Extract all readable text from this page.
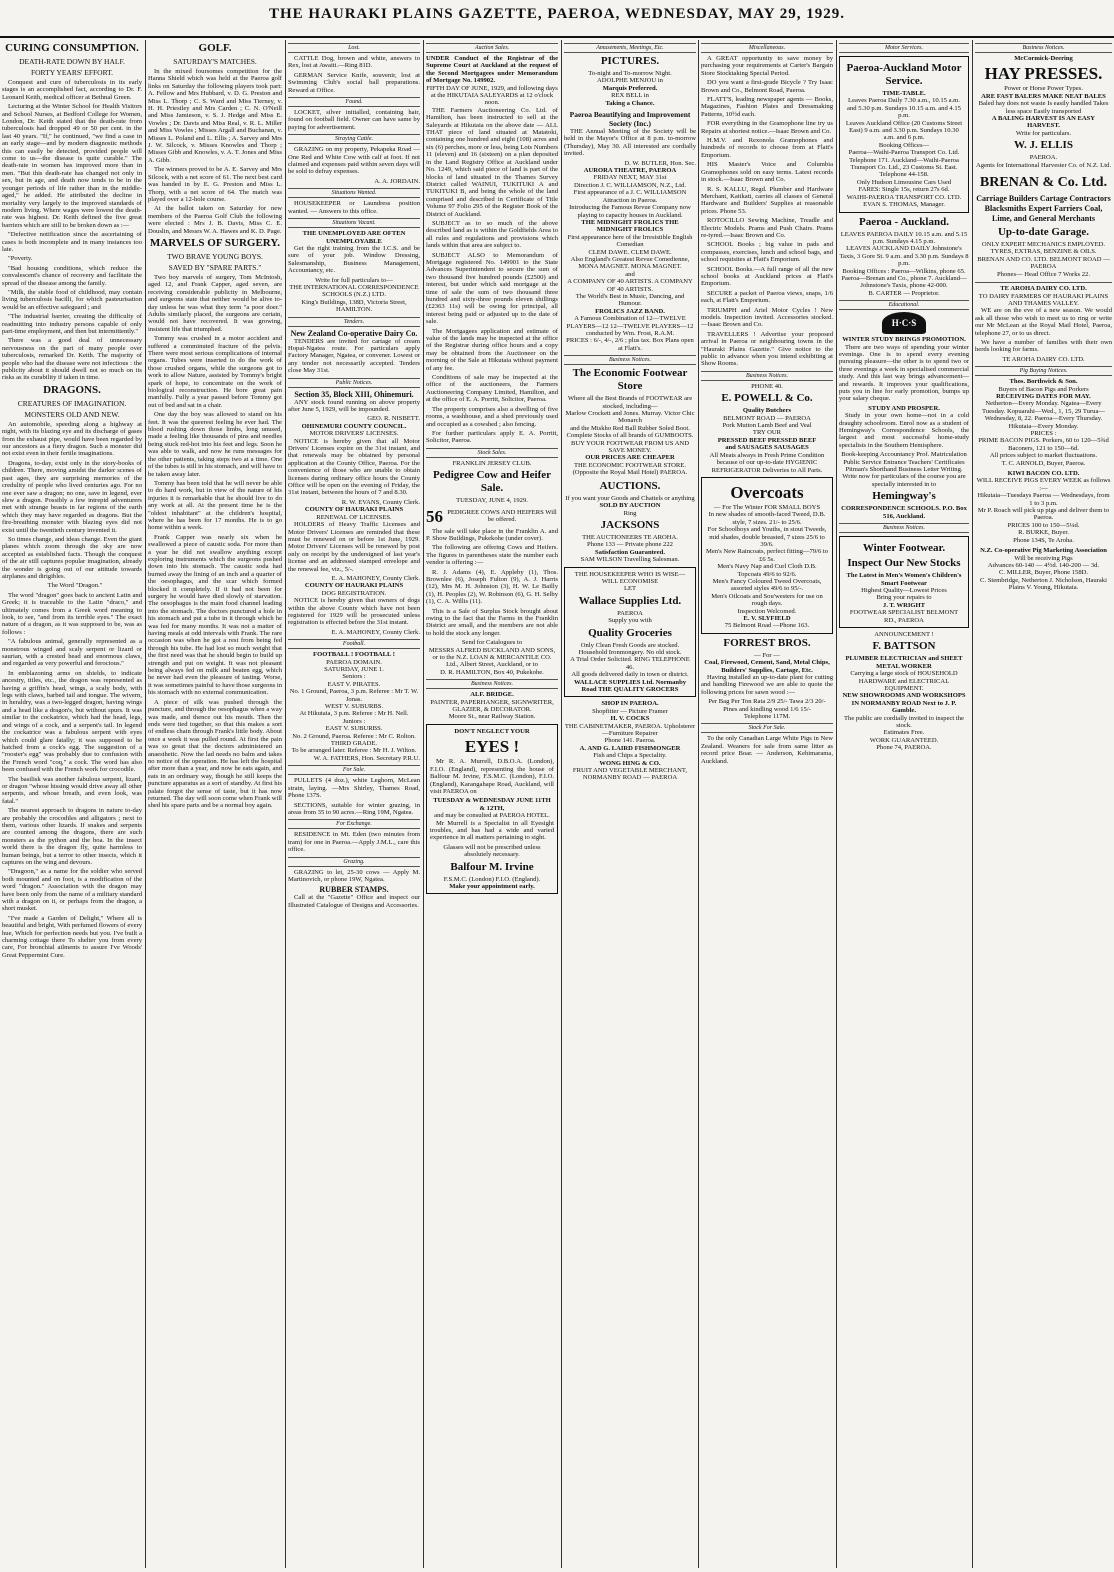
THE HAURAKI PLAINS GAZETTE, PAEROA, WEDNESDAY, MAY 29, 1929.
CURING CONSUMPTION.
DEATH-RATE DOWN BY HALF.
FORTY YEARS' EFFORT.

Conquest and cure of tuberculosis in its early stages is an accomplished fact, according to Dr. F. Leonard Keith, medical officer at Bethnal Green.

Lecturing at the Winter School for Health Visitors and School Nurses, at Bedford College for Women, London, Dr. Keith stated that the death-rate from tuberculosis had dropped 49 or 50 per cent. in the last 40 years. "If," he continued, "we find a case in an early stage—and by modern diagnostic methods this can easily be detected, provided people will come to us—the disease is quite curable." The death-rate in women has improved more than in men. "But this death-rate has changed not only in sex, but in age, and death now tends to be in the younger periods of life rather than in the middle-aged," he added. He attributed the decline in mortality very largely to the improved standards of modern living. Where wages were lowest the death-rate was highest. Dr. Keith defined the five great barriers which are still to be broken down as :—

"Defective notification since the ascertaining of cases is both incomplete and in many instances too late.

"Poverty.

"Bad housing conditions, which reduce the convalescent's chance of recovery and facilitate the spread of the disease among the family.

"Milk, the stable food of childhood, may contain living tuberculosis bacilli, for which pasteurisation would be an effective safeguard ; and

"The industrial barrier, creating the difficulty of readmitting into industry persons capable of only part-time employment, and then but intermittently."

There was a good deal of unnecessary nervousness on the part of many people over tuberculosis, remarked Dr. Keith. The majority of people who had the disease were not infectious : the publicity about it should dwell not so much on its risks as its curability if taken in time.

DRAGONS.
CREATURES OF IMAGINATION.
MONSTERS OLD AND NEW.

An automobile, speeding along a highway at night, with its blazing eye and its discharge of gases from the exhaust pipe, would have been regarded by our ancestors as a fiery dragon. Such a monster did not exist even in their fertile imaginations.

Dragons, to-day, exist only in the story-books of children. There, moving amidst the darker scenes of past ages, they are surprising memories of the credulity of people who lived centuries ago. For no one ever saw a dragon; no one, save in legend, ever slew a dragon. Possibly a few intrepid adventurers met with strange beasts in far regions of the earth which they may have regarded as dragons. But the fire-breathing monster with blazing eyes did not exist until the twentieth century invented it.

So times change, and ideas change. Even the giant planes which zoom through the sky are now accepted as established facts. Though the conquest of the air still captures popular imagination, already the wonder is going out of our attitude towards airplanes and dirigibles.

The Word "Dragon."

The word "dragon" goes back to ancient Latin and Greek; it is traceable to the Latin "draco," and ultimately comes from a Greek word meaning to look, to see, "and from its terrible eyes." The exact nature of a dragon, as it was supposed to be, was as follows :

"A fabulous animal, generally represented as a monstrous winged and scaly serpent or lizard or saurian, with a crested head and enormous claws, and regarded as very powerful and ferocious."

In emblazoning arms on shields, to indicate ancestry, titles, etc., the dragon was represented as having a griffin's head, wings, a scaly body, with legs with claws, barbed tail and tongue. The wivern, in heraldry, was a two-legged dragon, having wings and a head like a dragon's, but without spurs. It was similar to the cockatrice, which had the head, legs, and wings of a cock, and a serpent's tail. In legend the cockatrice was a fabulous serpent with eyes which could glare fatally; it was supposed to be hatched from a cock's egg. The suggestion of a "rooster's egg" was probably due to confusion with the French word "coq," a cock. The word has also been confused with the French work for crocodile.

The basilisk was another fabulous serpent, lizard, or dragon "whose hissing would drive away all other serpents, and whose breath, and even look, was fatal."

The nearest approach to dragons in nature to-day are probably the crocodiles and alligators ; next to them, various other lizards. If snakes and serpents are counted among the dragons, there are such monsters as the python and the boa. In the insect world there is the dragon fly, quite harmless to human beings, but a terror to other insects, which it captures on the wing and devours.

"Dragoon," as a name for the soldier who served both mounted and on foot, is a modification of the word "dragon." Association with the dragon may have been only from the name of a military standard with a dragon on it, or perhaps from the dragon, a short musket.

"I've made a Garden of Delight," Where all is beautiful and bright, With perfumed flowers of every hue, Which for perfection needs but you. I've built a charming cottage there To shelter you from every care, For bronchial ailments to assure I've Woods' Great Peppermint Cure.

GOLF.
SATURDAY'S MATCHES.

In the mixed foursomes competition for the Hanna Shield which was held at the Paeroa golf links on Saturday the following players took part: A. Fellow and Mrs Hubbard, v. D. G. Preston and Miss L. Thorp ; C. S. Ward and Miss Tierney, v. H. H. Priestley and Mrs Carden ; C. N. O'Neill and Miss Jamieson, v. S. J. Hedge and Miss E. Vowles ; Dr. Davis and Miss Real, v. R. L. Miller and Miss Vowles ; Misses Argall and Buchanan, v. Misses L. Poland and L. Ellis ; A. Sarvey and Mrs J. W. Silcock, v. Misses Knowles and Thorp ; Misses Gibb and Knowles, v. A. T. Jones and Miss A. Gibb.

The winners proved to be A. E. Sarvey and Mrs Silcock, with a net score of 61. The next best card was handed in by E. G. Preston and Miss L. Thorp, with a net score of 64. The match was played over a 12-hole course.

At the ballot taken on Saturday for new members of the Paeroa Golf Club the following were elected : Mrs J. B. Davis, Miss C. E. Douslin, and Messrs W. A. Hawes and K. D. Page.

MARVELS OF SURGERY.
TWO BRAVE YOUNG BOYS.
SAVED BY "SPARE PARTS."

Two boy marvels of surgery, Tom McIntosh, aged 12, and Frank Capper, aged seven, are receiving considerable publicity in Melbourne, and surgeons state that neither would be alive to-day unless he was what they term "a poor doer." Adults similarly placed, the surgeons are certain, would not have recovered. It was growing, insistent life that triumphed.

Tommy was crushed in a motor accident and suffered a comminuted fracture of the pelvis. There were most serious complications of internal organs. Tubes were inserted to do the work of those crushed organs, while the surgeons got to work to allow Nature, assisted by Tommy's bright spark of hope, to concentrate on the work of biological reconstruction. He bore great pain manfully. Fully a year passed before Tommy got out of bed and sat in a chair.

One day the boy was allowed to stand on his feet. It was the queerest feeling he ever had. The blood rushing down those limbs, long unused, made a feeling like thousands of pins and needles being stuck red-hot into his feet and legs. Soon he was able to walk, and now he runs messages for the other patients, taking steps two at a time. One of the tubes is still in his stomach, and will have to be taken away later.

Tommy has been told that he will never be able to do hard work, but in view of the nature of his injuries it is remarkable that he should live to do any work at all. At the present time he is the "oldest inhabitant" at the children's hospital, where he has been for 17 months. He is to go home within a week.

Frank Capper was nearly six when he swallowed a piece of caustic soda. For more than a year he did not swallow anything except exploring instruments which the surgeons pushed down into his stomach. The caustic soda had burned away the lining of an inch and a quarter of the oesophagus, and the scar which formed blocked it completely. If it had not been for surgery he would have died slowly of starvation. The oesophagus is the main food channel leading into the stomach. The doctors punctured a hole in his stomach and put a tube in it through which he was fed for many months. It was not a matter of having meals at odd intervals with Frank. The rare occasion was when he got a rest from being fed through his tube. He had lost so much weight that the first need was that he should begin to build up strength and put on weight. It was not pleasant being always fed on milk and beaten egg, which he never had even the pleasure of tasting. Worse, it was sometimes painful to have those surgeons in his stomach with no external communication.

A piece of silk was pushed through the puncture, and through the oesophagus when a way was made, and thence out his mouth. Then the ends were tied together, so that this makes a sort of endless chain through Frank's little body. About once a week it was pulled round. At first the pain was so great that the doctors administered an anaesthetic. Now the lad needs no balm and takes no notice of the operation. He has left the hospital after more than a year, and now he eats again, and eats in an ordinary way, though he still keeps the puncture apparatus as a sort of standby. At first his palate forgot the sense of taste, but it has now returned. The day will soon come when Frank will shed his spare parts and be a normal boy again.

Lost.

CATTLE Dog, brown and white, answers to Rex, lost at Awaiti.—Ring 81D.

GERMAN Service Knife, souvenir, lost at Swimming Club's social ball preparations. Reward at Office.

Found.

LOCKET, silver initialled, containing hair, found on football field. Owner can have same by paying for advertisement.

Straying Cattle.

GRAZING on my property, Pekapeka Road — One Red and White Cow with calf at foot. If not claimed and expenses paid within seven days will be sold to defray expenses.

A. A. JORDAIN.
Situations Wanted.

HOUSEKEEPER or Laundress position wanted. — Answers to this office.

Situations Vacant.
THE UNEMPLOYED ARE OFTEN UNEMPLOYABLE

Get the right training from the I.C.S. and be sure of your job. Window Dressing, Salesmanship, Business Management, Accountancy, etc.

Write for full particulars to—
THE INTERNATIONAL CORRESPONDENCE SCHOOLS (N.Z.) LTD.
King's Buildings, 138D, Victoria Street, HAMILTON.
Tenders.
New Zealand Co-operative Dairy Co.

TENDERS are invited for cartage of cream Hopai-Ngatea route. For particulars apply Factory Manager, Ngatea, or convener. Lowest or any tender not necessarily accepted. Tenders close May 31st.

Public Notices.
Section 35, Block XIII, Ohinemuri.

ANY stock found running on above property after June 5, 1929, will be impounded.

GEO. R. NISBETT.
OHINEMURI COUNTY COUNCIL.
MOTOR DRIVERS' LICENSES.

NOTICE is hereby given that all Motor Drivers' Licenses expire on the 31st instant, and that renewals may be obtained by personal application at the County Office, Paeroa. For the convenience of those who are unable to obtain licenses during ordinary office hours the County Office will be open on the evening of Friday, the 31st instant, between the hours of 7 and 8.30.

R. W. EVANS, County Clerk.
COUNTY OF HAURAKI PLAINS
RENEWAL OF LICENSES.

HOLDERS of Heavy Traffic Licenses and Motor Drivers' Licenses are reminded that these must be renewed on or before 1st June, 1929. Motor Drivers' Licenses will be renewed by post only on receipt by the undersigned of last year's license and an addressed stamped envelope and the renewal fee, viz., 5/-.

E. A. MAHONEY, County Clerk.
COUNTY OF HAURAKI PLAINS
DOG REGISTRATION.

NOTICE is hereby given that owners of dogs within the above County which have not been registered for 1929 will be prosecuted unless registration is effected before the 31st instant.

E. A. MAHONEY, County Clerk.
Football.
FOOTBALL ! FOOTBALL !
PAEROA DOMAIN.
SATURDAY, JUNE 1.
Seniors :
EAST V. PIRATES.
No. 1 Ground, Paeroa, 3 p.m. Referee : Mr T. W. Jonas.
WEST V. SUBURBS.
At Hikutaia, 3 p.m. Referee : Mr H. Nell.
Juniors :
EAST V. SUBURBS.
No. 2 Ground, Paeroa. Referee : Mr C. Rolton.
THIRD GRADE.
To be arranged later. Referee : Mr H. J. Wilton.
W. A. FATHERS, Hon. Secretary P.R.U.
For Sale.

PULLETS (4 doz.), white Leghorn, McLean strain, laying. —Mrs Shirley, Thames Road, Phone 137S.

SECTIONS, suitable for winter grazing, in areas from 35 to 90 acres.—Ring 19M, Ngatea.

For Exchange.

RESIDENCE in Mt. Eden (two minutes from tram) for one in Paeroa.—Apply J.M.L., care this office.

Grazing.

GRAZING to let, 25-30 cows — Apply M. Martinovich, or phone 19W, Ngatea.

RUBBER STAMPS.

Call at the "Gazette" Office and inspect our Illustrated Catalogue of Designs and Accessories.

Auction Sales.
UNDER Conduct of the Registrar of the Supreme Court at Auckland at the request of the Second Mortgagees under Memorandum of Mortgage No. 149902.
FIFTH DAY OF JUNE, 1929, and following days at the HIKUTAIA SALEYARDS at 12 o'clock noon.

THE Farmers Auctioneering Co. Ltd. of Hamilton, has been instructed to sell at the Saleyards at Hikutaia on the above date — ALL THAT piece of land situated at Matatoki, containing one hundred and eight (108) acres and six (6) perches, more or less, being Lots Numbers 11 (eleven) and 16 (sixteen) on a plan deposited in the Land Registry Office at Auckland under No. 1249, which said piece of land is part of the blocks of land situated in the Thames Survey District called WAINUI, TUKITUKI A and TUKITUKI B, and being the whole of the land comprised and described in Certificate of Title Volume 97 Folio 295 of the Register Book of the District of Auckland.

SUBJECT as to so much of the above described land as is within the Goldfields Area to all rules and regulations and provisions which lands within that area are subject to.

SUBJECT ALSO to Memorandum of Mortgage registered No. 149901 to the State Advances Superintendent to secure the sum of two thousand five hundred pounds (£2500) and interest, but under which said mortgage at the time of sale the sum of two thousand three hundred and sixty-three pounds eleven shillings (£2363 11s) will be owing for principal, all interest being paid or adjusted up to the date of sale.

The Mortgagees application and estimate of value of the lands may be inspected at the office of the Registrar during office hours and a copy may be obtained from the Auctioneer on the morning of the Sale at Hikutaia without payment of any fee.

Conditions of sale may be inspected at the office of the auctioneers, the Farmers Auctioneering Company Limited, Hamilton, and at the office of E. A. Porritt, Solicitor, Paeroa.

The property comprises also a dwelling of five rooms, a washhouse, and a shed previously used and occupied as a cowshed ; also fencing.

For further particulars apply E. A. Porritt, Solicitor, Paeroa.

Stock Sales.
FRANKLIN JERSEY CLUB.
Pedigree Cow and Heifer Sale.
TUESDAY, JUNE 4, 1929.
56 PEDIGREE COWS AND HEIFERS Will be offered.

The sale will take place in the Franklin A. and P. Show Buildings, Pukekohe (under cover).

The following are offering Cows and Heifers. The figures in parentheses state the number each vendor is offering :—

R. J. Adams (4), E. Appleby (1), Thos. Brownlee (6), Joseph Fulton (9), A. J. Harris (12), Mrs M. H. Johnston (3), H. W. Le Bailly (1), H. Peoples (2), W. Robinson (6), G. H. Selby (1), C. A. Willis (11).

This is a Sale of Surplus Stock brought about owing to the fact that the Farms in the Franklin District are small, and the members are not able to hold the stock any longer.

Send for Catalogues to
MESSRS ALFRED BUCKLAND AND SONS, or to the N.Z. LOAN & MERCANTILE CO. Ltd., Albert Street, Auckland, or to
D. R. HAMILTON, Box 40, Pukekohe.
Business Notices.
ALF. BRIDGE.
PAINTER, PAPERHANGER, SIGNWRITER, GLAZIER, & DECORATOR.
Moore St., near Railway Station.
DON'T NEGLECT YOUR
EYES !

Mr R. A. Murrell, D.B.O.A. (London), F.I.O. (England), representing the house of Balfour M. Irvine, F.S.M.C. (London), F.I.O. (England), Karangahape Road, Auckland, will visit PAEROA on

TUESDAY & WEDNESDAY JUNE 11TH & 12TH,
and may be consulted at PAEROA HOTEL.

Mr Murrell is a Specialist in all Eyesight troubles, and has had a wide and varied experience in all matters pertaining to sight.

Glasses will not be prescribed unless absolutely necessary.
Balfour M. Irvine
F.S.M.C. (London) F.I.O. (England).
Make your appointment early.
Amusements, Meetings, Etc.
PICTURES.
To-night and To-morrow Night.
ADOLPHE MENJOU in
Marquis Preferred.
REX BELL in
Taking a Chance.
Paeroa Beautifying and Improvement Society (Inc.)

THE Annual Meeting of the Society will be held in the Mayor's Office at 8 p.m. to-morrow (Thursday), May 30. All interested are cordially invited.

D. W. BUTLER, Hon. Sec.
AURORA THEATRE, PAEROA
FRIDAY NEXT, MAY 31st
Direction J. C. WILLIAMSON, N.Z., Ltd.
First appearance of a J. C. WILLIAMSON Attraction in Paeroa.
Introducing the Famous Revue Company now playing to capacity houses in Auckland.
THE MIDNIGHT FROLICS THE MIDNIGHT FROLICS
First appearance here of the Irresistible English Comedian
CLEM DAWE. CLEM DAWE.
Also England's Greatest Revue Comedienne,
MONA MAGNET. MONA MAGNET.
and
A COMPANY OF 40 ARTISTS. A COMPANY OF 40 ARTISTS.
The World's Best in Music, Dancing, and Humour.
FROLICS JAZZ BAND.
A Famous Combination of 12—TWELVE PLAYERS—12 12—TWELVE PLAYERS—12 conducted by Wm. Frost, R.A.M.
PRICES : 6/-, 4/-, 2/6 ; plus tax. Box Plans open at Flatt's.
Business Notices.
The Economic Footwear Store
Where all the Best Brands of FOOTWEAR are stocked, including—
Marlow Crockett and Jones. Murray. Victor Chic Monarch
and the Miskho Red Ball Rubber Soled Boot.
Complete Stocks of all brands of GUMBOOTS.
BUY YOUR FOOTWEAR FROM US AND SAVE MONEY.
OUR PRICES ARE CHEAPER
THE ECONOMIC FOOTWEAR STORE.
(Opposite the Royal Mail Hotel) PAEROA.
AUCTIONS.
If you want your Goods and Chattels or anything
SOLD BY AUCTION
Ring
JACKSONS
THE AUCTIONEERS TE AROHA.
Phone 133 — Private phone 222
Satisfaction Guaranteed.
SAM WILSON Travelling Salesman.
THE HOUSEKEEPER WHO IS WISE— WILL ECONOMISE
LET
Wallace Supplies Ltd.
PAEROA
Supply you with
Quality Groceries
Only Clean Fresh Goods are stocked.
Household Ironmongery. No old stock.
A Trial Order Solicited. RING TELEPHONE 46.
All goods delivered daily in town or district.
WALLACE SUPPLIES Ltd. Normanby Road THE QUALITY GROCERS
SHOP IN PAEROA.
Shopfitter — Picture Framer
H. V. COCKS
THE CABINETMAKER, PAEROA. Upholsterer—Furniture Repairer
Phone 141. Paeroa.
A. AND G. LAIRD FISHMONGER
Fish and Chips a Speciality.
WONG HING & CO.
FRUIT AND VEGETABLE MERCHANT, NORMANBY ROAD — PAEROA
Miscellaneous.

A GREAT opportunity to save money by purchasing your requirements at Carter's Bargain Store Stocktaking Special Period.

DO you want a first-grade Bicycle ? Try Isaac Brown and Co., Belmont Road, Paeroa.

FLATT'S, leading newspaper agents — Books, Magazines, Fashion Plates and Dressmaking Patterns, 10½d each.

FOR everything in the Gramophone line try us Repairs at shortest notice.—Isaac Brown and Co.

H.M.V. and Rexonola Gramophones and hundreds of records to choose from at Flatt's Emporium.

HIS Master's Voice and Columbia Gramophones sold on easy terms. Latest records in stock.—Isaac Brown and Co.

R. S. KALLU, Regd. Plumber and Hardware Merchant, Katikati, carries all classes of General Hardware and Builders' Supplies at reasonable prices. Phone 53.

ROTOCILLO Sewing Machine, Treadle and Electric Models. Prams and Push Chairs. Prams re-tyred.—Isaac Brown and Co.

SCHOOL Books ; big value in pads and compasses, exercises, lunch and school bags, and school requisites at Flatt's Emporium.

SCHOOL Books.—A full range of all the new school books at Auckland prices at Flatt's Emporium.

SECURE a packet of Paeroa views, snaps, 1/6 each, at Flatt's Emporium.

TRIUMPH and Ariel Motor Cycles ! New models. Inspection invited. Accessories stocked.—Isaac Brown and Co.

TRAVELLERS ! Advertise your proposed arrival in Paeroa or neighbouring towns in the "Hauraki Plains Gazette." Give notice to the public in advance when you intend exhibiting at Show Rooms.

Business Notices.
PHONE 40.
E. POWELL & Co.
Quality Butchers
BELMONT ROAD — PAEROA
Pork Mutton Lamb Beef and Veal
TRY OUR
PRESSED BEEF PRESSED BEEF
and SAUSAGES SAUSAGES
All Meats always in Fresh Prime Condition because of our up-to-date HYGIENIC REFRIGERATOR Deliveries to All Parts.
Overcoats
— For The Winter FOR SMALL BOYS
In new shades of smooth-faced Tweed, D.B. style, 7 sizes. 21/- to 25/6.
For Schoolboys and Youths, in stout Tweeds, mid shades, double breasted, 7 sizes 25/6 to 39/6.
Men's New Raincoats, perfect fitting—79/6 to £6 5s.
Men's Navy Nap and Curl Cloth D.B. Topcoats 49/6 to 92/6.
Men's Fancy Coloured Tweed Overcoats, assorted styles 49/6 to 95/-.
Men's Oilcoats and Sou'westers for use on rough days.
Inspection Welcomed.
E. V. SLYFIELD
75 Belmont Road —Phone 163.
FORREST BROS.
— For —
Coal, Firewood, Cement, Sand, Metal Chips, Builders' Supplies, Cartage, Etc.

Having installed an up-to-date plant for cutting and handling Firewood we are able to quote the following prices for sawn wood :—

Per Bag Per Ton Rata 2/9 25/- Tawa 2/3 20/- Pines and kindling wood 1/6 15/-
Telephone 117M.
Stock For Sale.

To the only Canadian Large White Pigs in New Zealand. Weaners for sale from same litter as record price Boar. — Anderson, Kehimarama, Auckland.

Motor Services.
Paeroa-Auckland Motor Service.
TIME-TABLE.
Leaves Paeroa Daily 7.30 a.m., 10.15 a.m. and 5.30 p.m. Sundays 10.15 a.m. and 4.15 p.m.
Leaves Auckland Office (20 Customs Street East) 9 a.m. and 3.30 p.m. Sundays 10.30 a.m. and 6 p.m.
Booking Offices—
Paeroa—Waihi-Paeroa Transport Co. Ltd. Telephone 171. Auckland—Waihi-Paeroa Transport Co. Ltd., 23 Customs St. East. Telephone 44-158.
Only Hudson Limousine Cars Used
FARES: Single 15s, return 27s 6d.
WAIHI-PAEROA TRANSPORT CO. LTD.
EVAN S. THOMAS, Manager.
Paeroa - Auckland.
LEAVES PAEROA DAILY 10.15 a.m. and 5.15 p.m. Sundays 4.15 p.m.
LEAVES AUCKLAND DAILY Johnstone's Taxis, 3 Gore St. 9 a.m. and 3.30 p.m. Sundays 8 p.m.
Booking Offices : Paeroa—Wilkins, phone 65. Paeroa—Brenan and Co., phone 7. Auckland—Johnstone's Taxis, phone 42-000.
B. CARTER — Proprietor.
Educational.
H·C·S
WINTER STUDY BRINGS PROMOTION.

There are two ways of spending your winter evenings. One is to spend every evening pursuing pleasure—the other is to spend two or three evenings a week in specialised commercial study. And this last way brings advancement—and rewards. It improves your qualifications, puts you in line for early promotion, bumps up your salary cheque.

STUDY AND PROSPER.

Study in your own home—not in a cold draughty schoolroom. Enrol now as a student of Hemingway's Correspondence Schools, the largest and most successful home-study specialists in the Southern Hemisphere.

Book-keeping Accountancy Prof. Matriculation Public Service Entrance Teachers' Certificates Pitman's Shorthand Business Letter Writing.
Write now for particulars of the course you are specially interested in to
Hemingway's
CORRESPONDENCE SCHOOLS. P.O. Box 516, Auckland.
Business Notices.
Winter Footwear.
Inspect Our New Stocks
The Latest in Men's Women's Children's Smart Footwear
Highest Quality—Lowest Prices
Bring your repairs to
J. T. WRIGHT
FOOTWEAR SPECIALIST BELMONT RD., PAEROA
ANNOUNCEMENT !
F. BATTSON
PLUMBER ELECTRICIAN and SHEET METAL WORKER
Carrying a large stock of HOUSEHOLD HARDWARE and ELECTRICAL EQUIPMENT.
NEW SHOWROOMS AND WORKSHOPS IN NORMANBY ROAD Next to J. P. Gamble.
The public are cordially invited to inspect the stock.
Estimates Free.
WORK GUARANTEED.
Phone 74, PAEROA.
Business Notices.
McCormick-Deering
HAY PRESSES.
Power or Horse Power Types.
ARE FAST BALERS MAKE NEAT BALES
Baled hay does not waste Is easily handled Takes less space Easily transported
A BALING HARVEST IS AN EASY HARVEST.
Write for particulars.
W. J. ELLIS
PAEROA.
Agents for International Harvester Co. of N.Z. Ltd.
BRENAN & Co. Ltd.
Carriage Builders Cartage Contractors Blacksmiths Expert Farriers Coal, Lime, and General Merchants
Up-to-date Garage.
ONLY EXPERT MECHANICS EMPLOYED.
TYRES, EXTRAS, BENZINE & OILS.
BRENAN AND CO. LTD. BELMONT ROAD — PAEROA
Phones— Head Office 7 Works 22.
TE AROHA DAIRY CO. LTD.
TO DAIRY FARMERS OF HAURAKI PLAINS AND THAMES VALLEY.

WE are on the eve of a new season. We would ask all those who wish to meet us to ring or write our Mr McLean at the Royal Mail Hotel, Paeroa, telephone 27, or to us direct.

We have a number of families with their own herds looking for farms.

TE AROHA DAIRY CO. LTD.
Pig Buying Notices.
Thos. Borthwick & Son.
Buyers of Bacon Pigs and Porkers
RECEIVING DATES FOR MAY.
Netherton—Every Monday. Ngatea—Every Tuesday. Kopuarahi—Wed., 1, 15, 29 Turua—Wednesday, 8, 22. Paeroa—Every Thursday. Hikutaia—Every Monday.
PRICES :
PRIME BACON PIGS. Porkers, 60 to 120—5¾d Baconers, 121 to 150—6d.
All prices subject to market fluctuations.
T. C. ARNOLD, Buyer, Paeroa.
KIWI BACON CO. LTD.
WILL RECEIVE PIGS EVERY WEEK as follows :—
Hikutaia—Tuesdays Paeroa — Wednesdays, from 1 to 3 p.m.
Mr P. Roach will pick up pigs and deliver them to Paeroa.
PRICES 100 to 150—5¼d.
R. BURKE, Buyer.
Phone 134S, Te Aroha.
N.Z. Co-operative Pig Marketing Association
Will be receiving Pigs
Advances 60-140 — 4½d. 140-200 — 3d.
C. MILLER, Buyer, Phone 158D.
C. Stembridge, Netherton J. Nicholson, Hauraki Plains V. Young, Hikutaia.
